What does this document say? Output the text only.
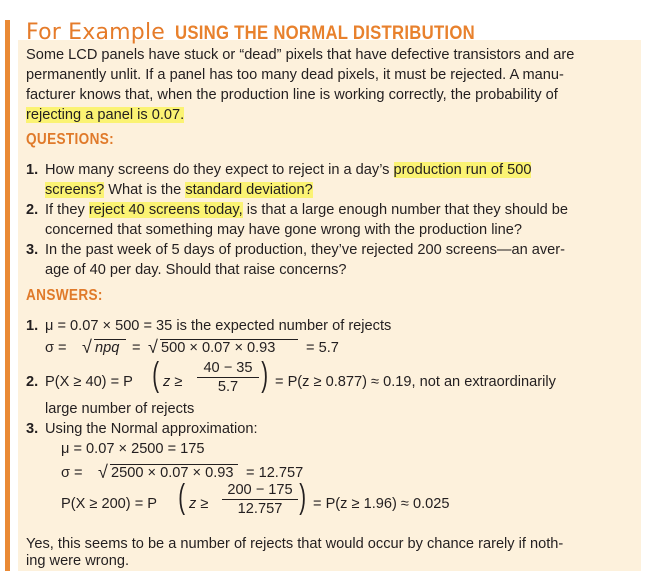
For Example USING THE NORMAL DISTRIBUTION
Some LCD panels have stuck or “dead” pixels that have defective transistors and are
permanently unlit. If a panel has too many dead pixels, it must be rejected. A manu-
facturer knows that, when the production line is working correctly, the probability of
rejecting a panel is 0.07.
QUESTIONS:
1. How many screens do they expect to reject in a day’s production run of 500
screens? What is the standard deviation?
2. If they reject 40 screens today, is that a large enough number that they should be
concerned that something may have gone wrong with the production line?
3. In the past week of 5 days of production, they’ve rejected 200 screens—an aver-
age of 40 per day. Should that raise concerns?
ANSWERS:
1. μ = 0.07 × 500 = 35 is the expected number of rejects
σ = √ npq = √ 500 × 0.07 × 0.93 = 5.7
2. P(X ≥ 40) = P ( z ≥
40 − 35
5.7 ) = P(z ≥ 0.877) ≈ 0.19, not an extraordinarily
large number of rejects
3. Using the Normal approximation:
μ = 0.07 × 2500 = 175
σ = √ 2500 × 0.07 × 0.93 = 12.757
P(X ≥ 200) = P ( z ≥
200 − 175
12.757 ) = P(z ≥ 1.96) ≈ 0.025
Yes, this seems to be a number of rejects that would occur by chance rarely if noth-
ing were wrong.
